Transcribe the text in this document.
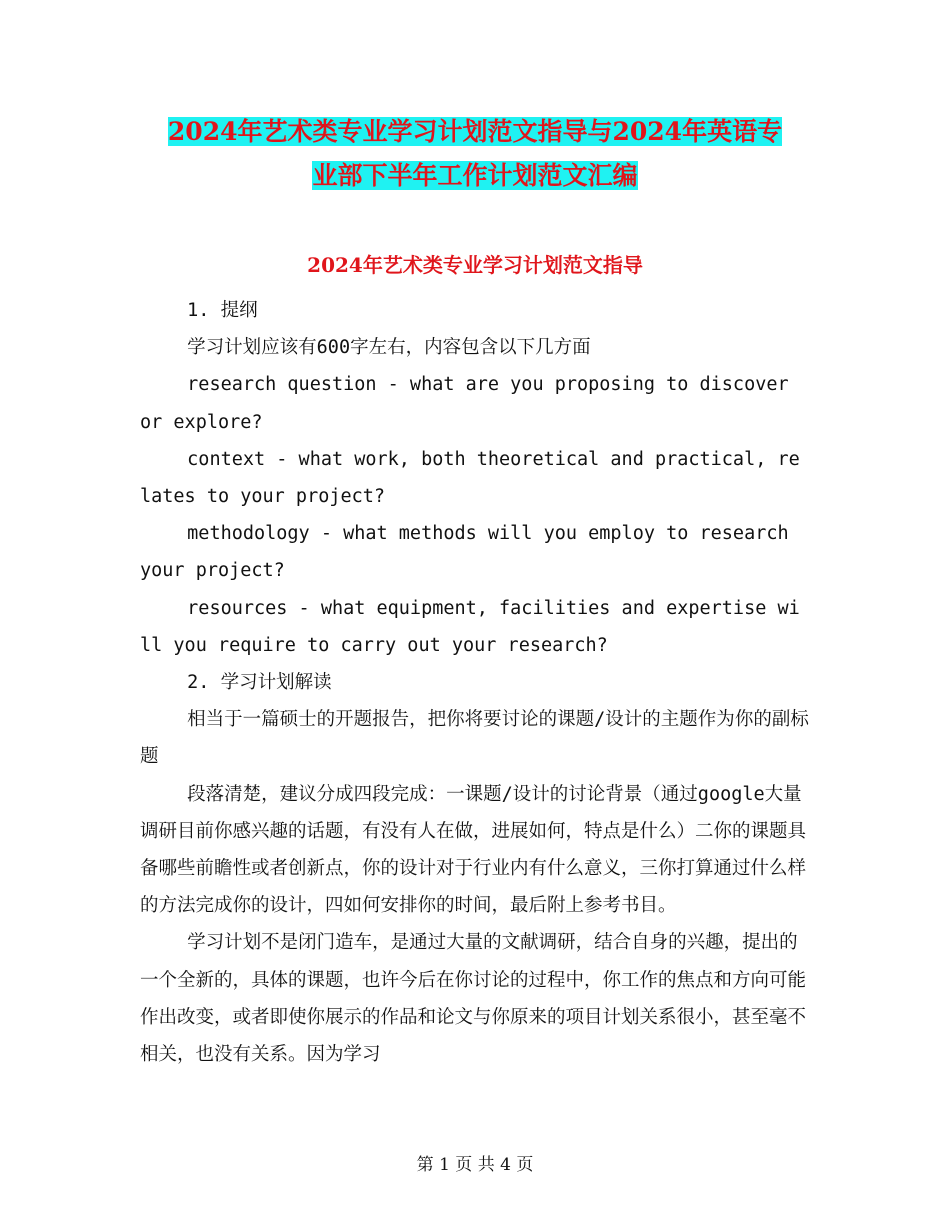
2024年艺术类专业学习计划范文指导与2024年英语专
业部下半年工作计划范文汇编
2024年艺术类专业学习计划范文指导

1. 提纲

学习计划应该有600字左右，内容包含以下几方面

research question - what are you proposing to discover or explore?

context - what work, both theoretical and practical, relates to your project?

methodology - what methods will you employ to research your project?

resources - what equipment, facilities and expertise will you require to carry out your research?

2. 学习计划解读

相当于一篇硕士的开题报告，把你将要讨论的课题/设计的主题作为你的副标题

段落清楚，建议分成四段完成：一课题/设计的讨论背景（通过google大量调研目前你感兴趣的话题，有没有人在做，进展如何，特点是什么）二你的课题具备哪些前瞻性或者创新点，你的设计对于行业内有什么意义，三你打算通过什么样的方法完成你的设计，四如何安排你的时间，最后附上参考书目。

学习计划不是闭门造车，是通过大量的文献调研，结合自身的兴趣，提出的一个全新的，具体的课题，也许今后在你讨论的过程中，你工作的焦点和方向可能作出改变，或者即使你展示的作品和论文与你原来的项目计划关系很小，甚至毫不相关，也没有关系。因为学习

第 1 页 共 4 页
